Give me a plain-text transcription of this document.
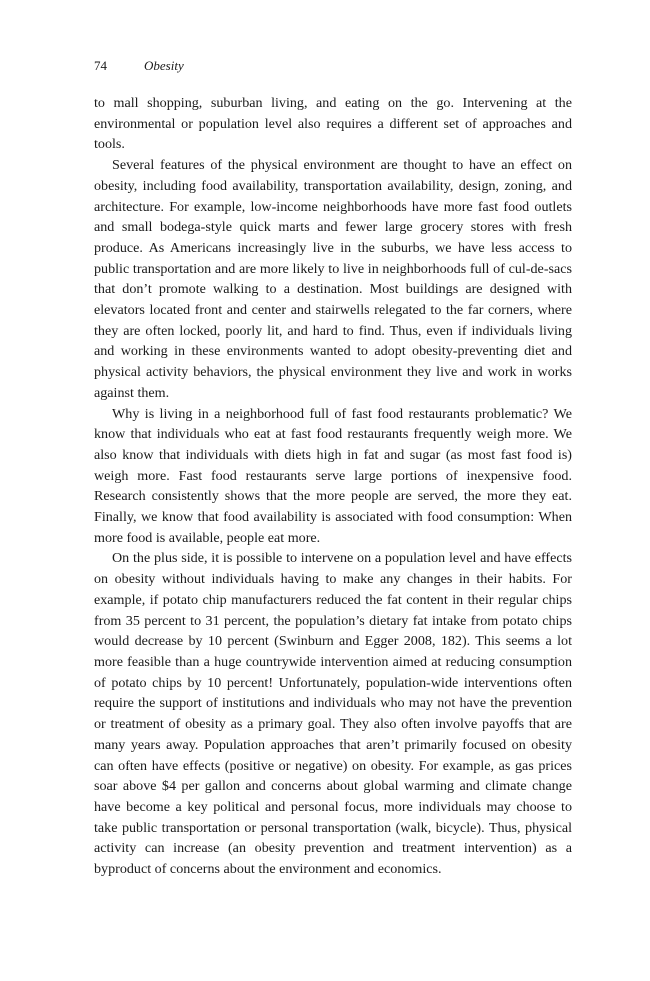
74	Obesity

to mall shopping, suburban living, and eating on the go. Intervening at the environmental or population level also requires a different set of approaches and tools.

Several features of the physical environment are thought to have an effect on obesity, including food availability, transportation availability, design, zoning, and architecture. For example, low-income neighborhoods have more fast food outlets and small bodega-style quick marts and fewer large grocery stores with fresh produce. As Americans increasingly live in the suburbs, we have less access to public transportation and are more likely to live in neighborhoods full of cul-de-sacs that don’t promote walking to a destination. Most buildings are designed with elevators located front and center and stairwells relegated to the far corners, where they are often locked, poorly lit, and hard to find. Thus, even if individuals living and working in these environments wanted to adopt obesity-preventing diet and physical activity behaviors, the physical environment they live and work in works against them.

Why is living in a neighborhood full of fast food restaurants problematic? We know that individuals who eat at fast food restaurants frequently weigh more. We also know that individuals with diets high in fat and sugar (as most fast food is) weigh more. Fast food restaurants serve large portions of inexpensive food. Research consistently shows that the more people are served, the more they eat. Finally, we know that food availability is associated with food consumption: When more food is available, people eat more.

On the plus side, it is possible to intervene on a population level and have effects on obesity without individuals having to make any changes in their habits. For example, if potato chip manufacturers reduced the fat content in their regular chips from 35 percent to 31 percent, the population’s dietary fat intake from potato chips would decrease by 10 percent (Swinburn and Egger 2008, 182). This seems a lot more feasible than a huge countrywide intervention aimed at reducing consumption of potato chips by 10 percent! Unfortunately, population-wide interventions often require the support of institutions and individuals who may not have the prevention or treatment of obesity as a primary goal. They also often involve payoffs that are many years away. Population approaches that aren’t primarily focused on obesity can often have effects (positive or negative) on obesity. For example, as gas prices soar above $4 per gallon and concerns about global warming and climate change have become a key political and personal focus, more individuals may choose to take public transportation or personal transportation (walk, bicycle). Thus, physical activity can increase (an obesity prevention and treatment intervention) as a byproduct of concerns about the environment and economics.
